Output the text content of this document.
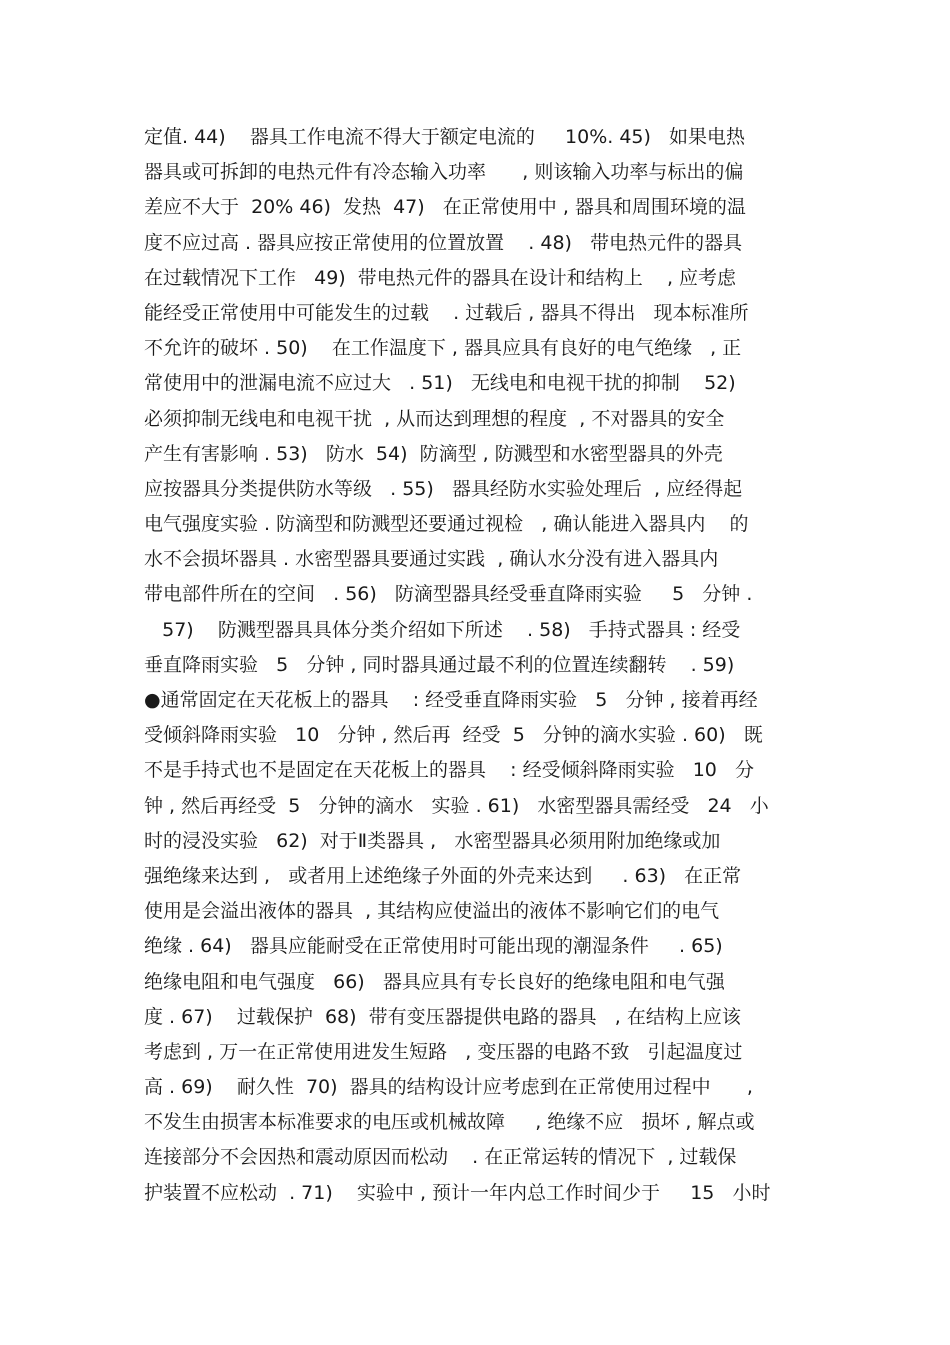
定值. 44)    器具工作电流不得大于额定电流的     10%. 45)   如果电热
器具或可拆卸的电热元件有冷态输入功率      , 则该输入功率与标出的偏
差应不大于  20% 46)  发热  47)   在正常使用中 , 器具和周围环境的温
度不应过高 . 器具应按正常使用的位置放置    . 48)   带电热元件的器具
在过载情况下工作   49)  带电热元件的器具在设计和结构上    , 应考虑
能经受正常使用中可能发生的过载    . 过载后 , 器具不得出   现本标准所
不允许的破坏 . 50)    在工作温度下 , 器具应具有良好的电气绝缘   , 正
常使用中的泄漏电流不应过大   . 51)   无线电和电视干扰的抑制    52)
必须抑制无线电和电视干扰  , 从而达到理想的程度  , 不对器具的安全
产生有害影响 . 53)   防水  54)  防滴型 , 防溅型和水密型器具的外壳
应按器具分类提供防水等级   . 55)   器具经防水实验处理后  , 应经得起
电气强度实验 . 防滴型和防溅型还要通过视检   , 确认能进入器具内    的
水不会损坏器具 . 水密型器具要通过实践  , 确认水分没有进入器具内
带电部件所在的空间   . 56)   防滴型器具经受垂直降雨实验     5   分钟 .
57)    防溅型器具具体分类介绍如下所述    . 58)   手持式器具 : 经受
垂直降雨实验   5   分钟 , 同时器具通过最不利的位置连续翻转    . 59)
●通常固定在天花板上的器具    : 经受垂直降雨实验   5   分钟 , 接着再经
受倾斜降雨实验   10   分钟 , 然后再  经受  5   分钟的滴水实验 . 60)   既
不是手持式也不是固定在天花板上的器具    : 经受倾斜降雨实验   10   分
钟 , 然后再经受  5   分钟的滴水   实验 . 61)   水密型器具需经受   24   小
时的浸没实验   62)  对于Ⅱ类器具 ,   水密型器具必须用附加绝缘或加
强绝缘来达到 ,   或者用上述绝缘子外面的外壳来达到     . 63)   在正常
使用是会溢出液体的器具  , 其结构应使溢出的液体不影响它们的电气
绝缘 . 64)   器具应能耐受在正常使用时可能出现的潮湿条件     . 65)
绝缘电阻和电气强度   66)   器具应具有专长良好的绝缘电阻和电气强
度 . 67)    过载保护  68)  带有变压器提供电路的器具   , 在结构上应该
考虑到 , 万一在正常使用进发生短路   , 变压器的电路不致   引起温度过
高 . 69)    耐久性  70)  器具的结构设计应考虑到在正常使用过程中      ,
不发生由损害本标准要求的电压或机械故障     , 绝缘不应   损坏 , 解点或
连接部分不会因热和震动原因而松动    . 在正常运转的情况下  , 过载保
护装置不应松动  . 71)    实验中 , 预计一年内总工作时间少于     15   小时
